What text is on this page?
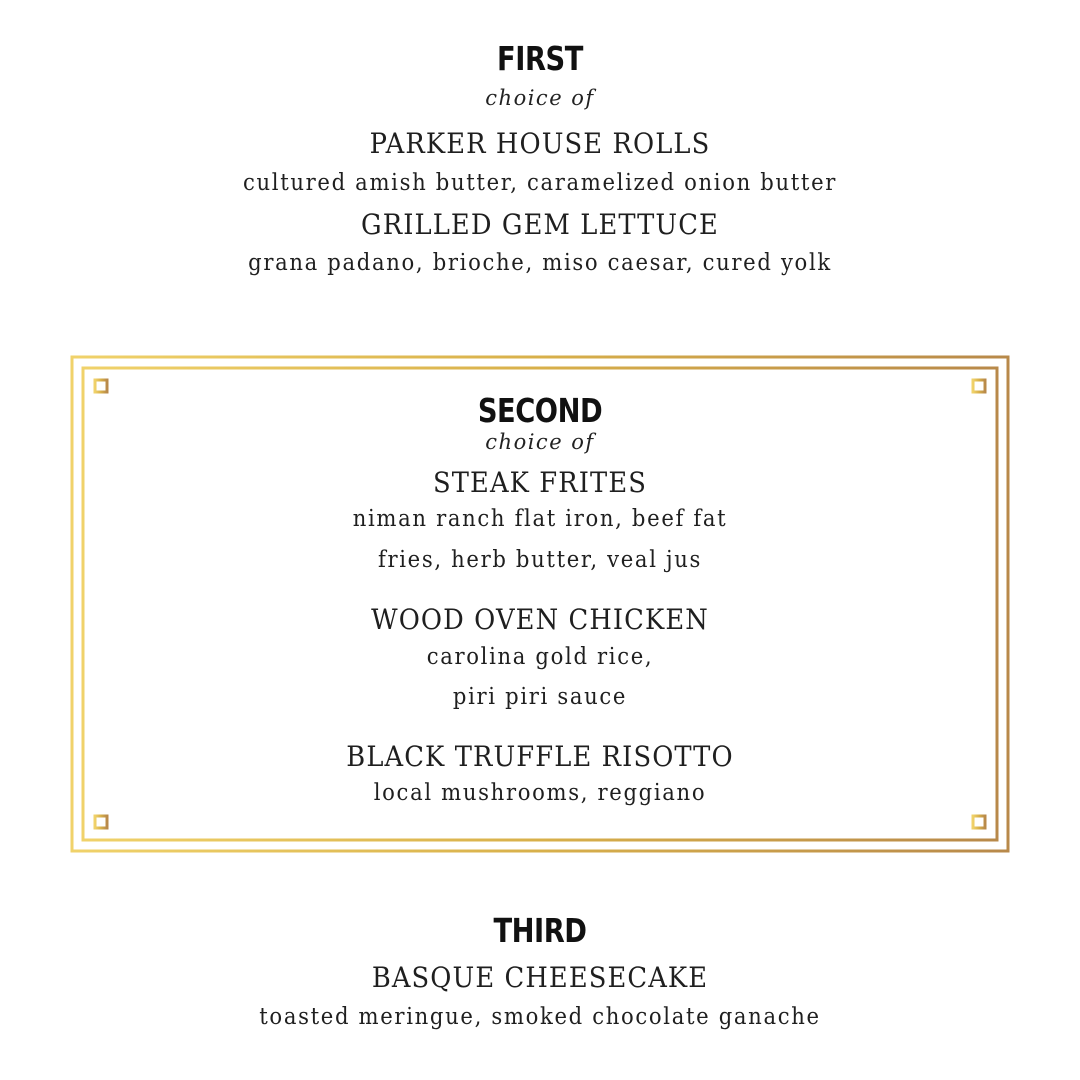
FIRST
choice of
PARKER HOUSE ROLLS
cultured amish butter, caramelized onion butter
GRILLED GEM LETTUCE
grana padano, brioche, miso caesar, cured yolk
SECOND
choice of
STEAK FRITES
niman ranch flat iron, beef fat
fries, herb butter, veal jus
WOOD OVEN CHICKEN
carolina gold rice,
piri piri sauce
BLACK TRUFFLE RISOTTO
local mushrooms, reggiano
THIRD
BASQUE CHEESECAKE
toasted meringue, smoked chocolate ganache
